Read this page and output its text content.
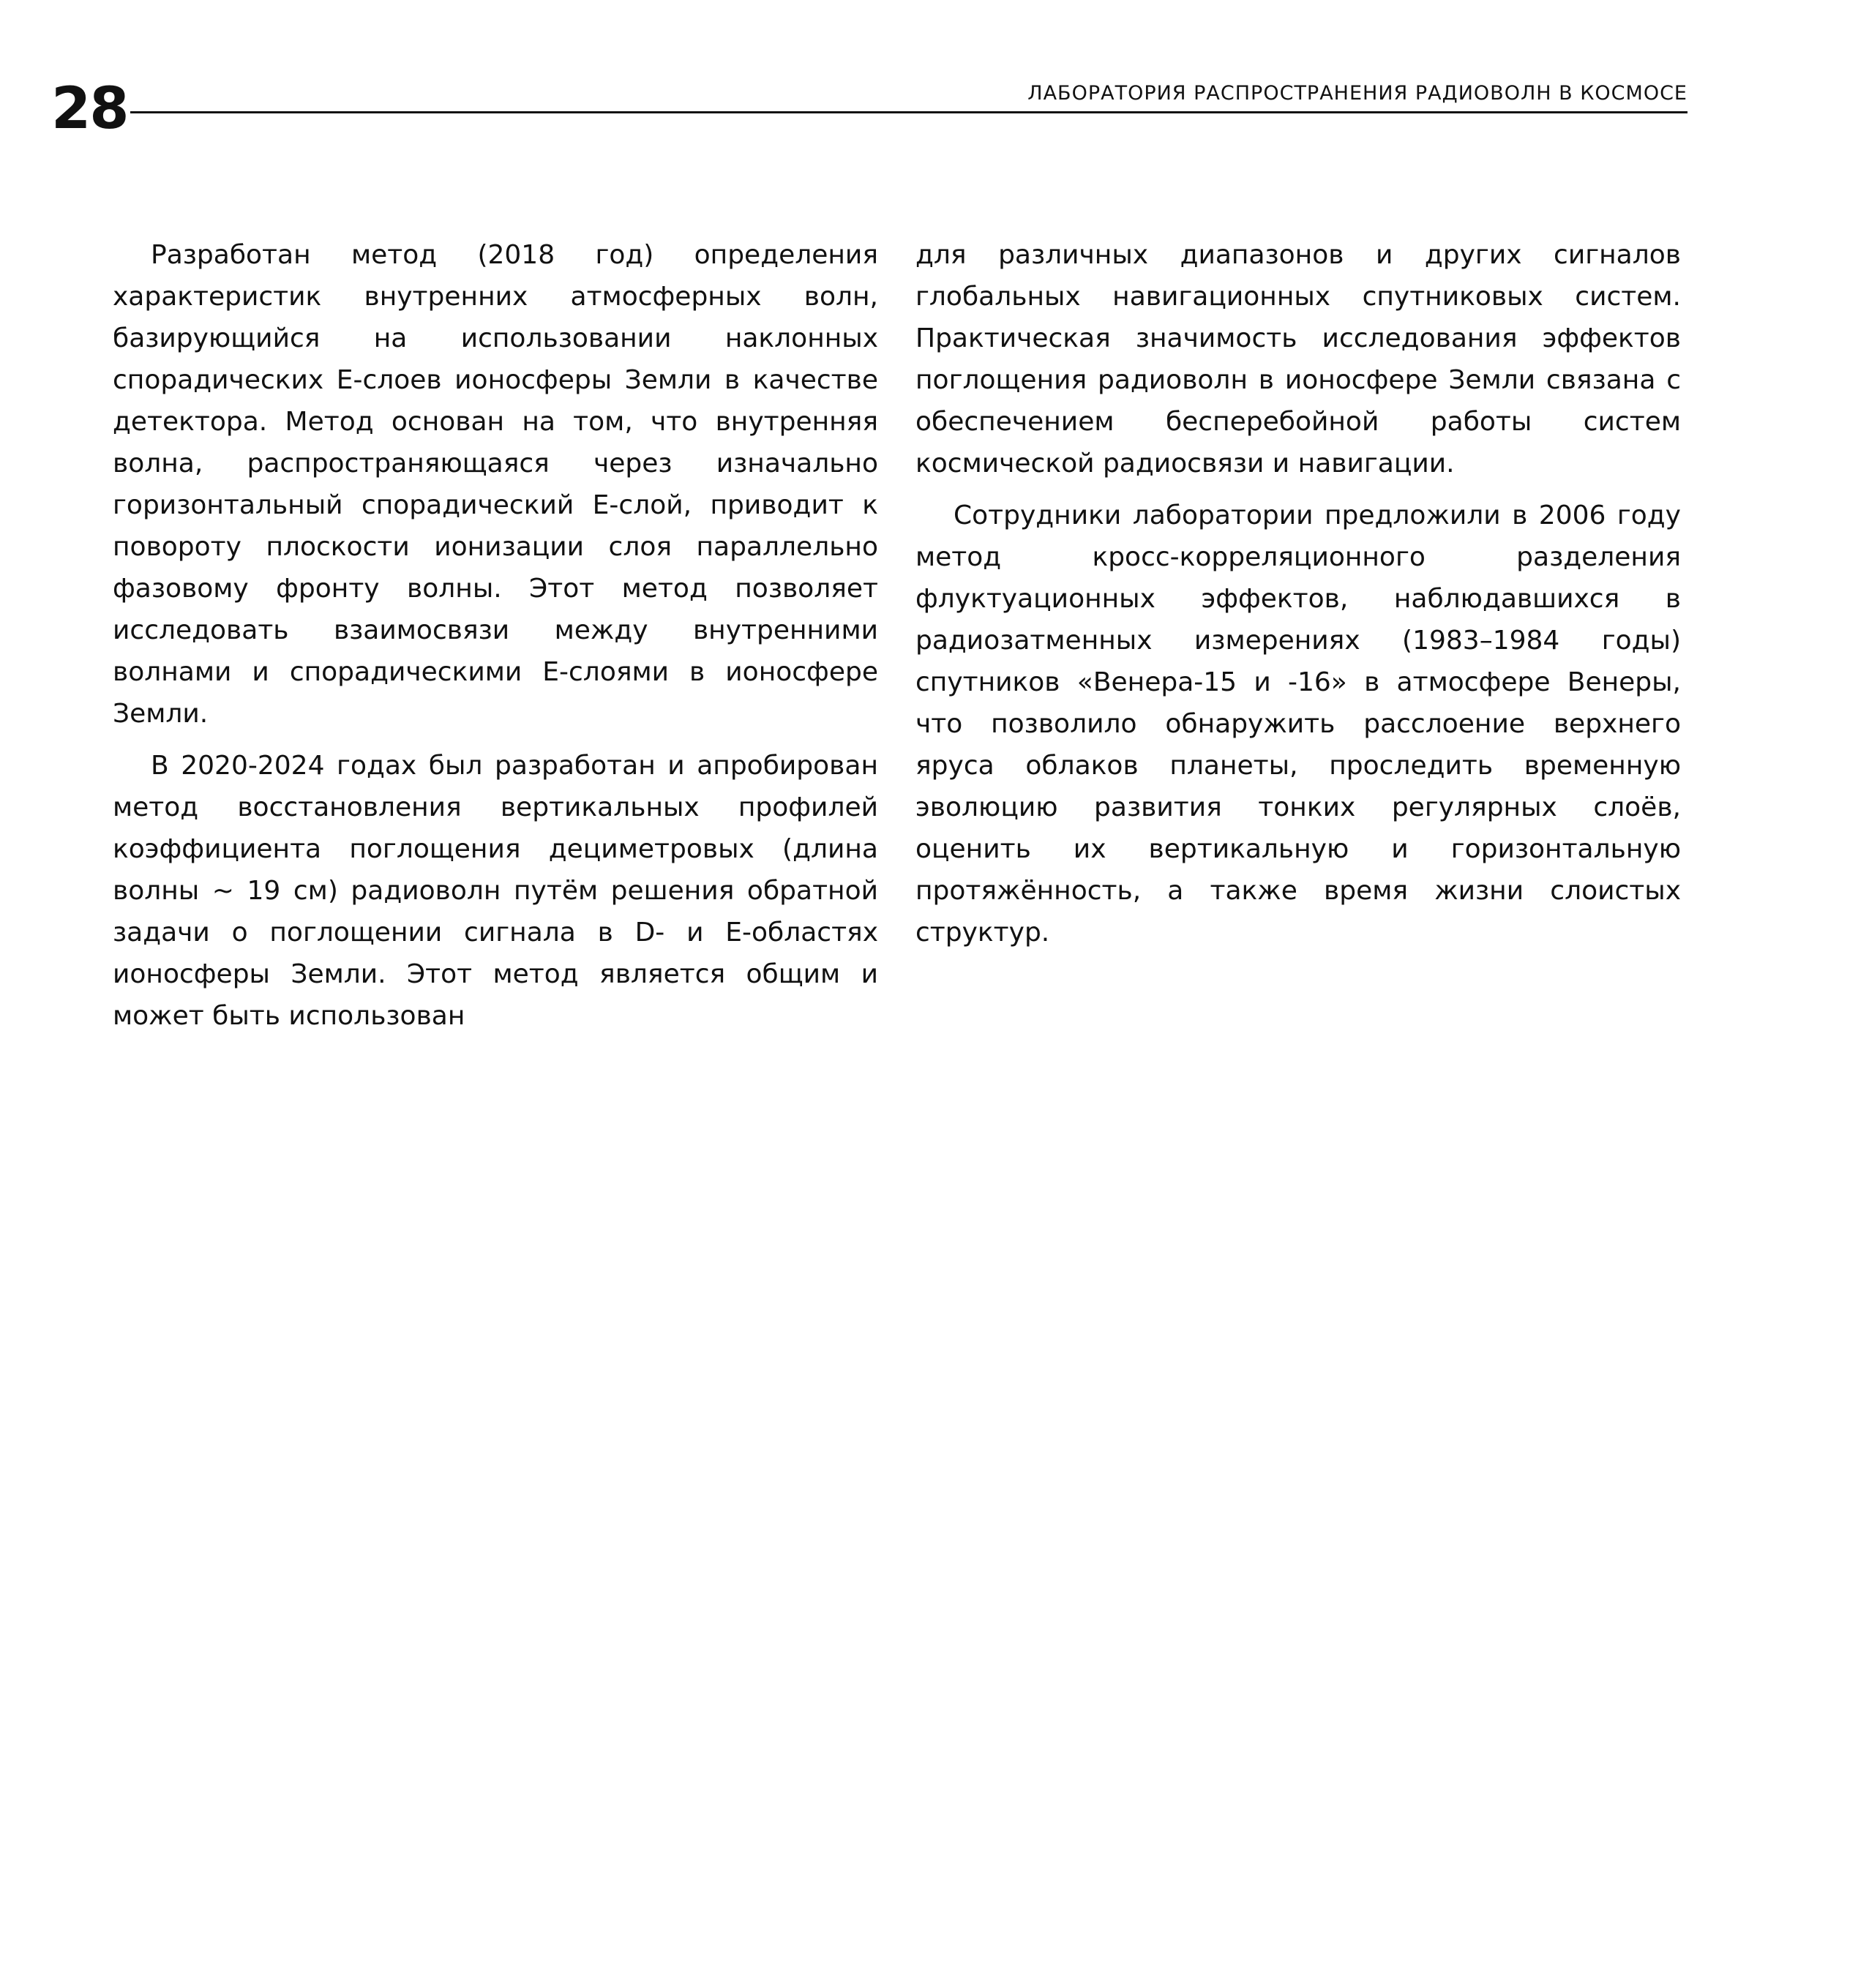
28	ЛАБОРАТОРИЯ РАСПРОСТРАНЕНИЯ РАДИОВОЛН В КОСМОСЕ

Разработан метод (2018 год) определения характеристик внутренних атмосферных волн, базирующийся на использовании наклонных спорадических Е-слоев ионосферы Земли в качестве детектора. Метод основан на том, что внутренняя волна, распространяющаяся через изначально горизонтальный спорадический Е-слой, приводит к повороту плоскости ионизации слоя параллельно фазовому фронту волны. Этот метод позволяет исследовать взаимосвязи между внутренними волнами и спорадическими Е-слоями в ионосфере Земли.

В 2020-2024 годах был разработан и апробирован метод восстановления вертикальных профилей коэффициента поглощения дециметровых (длина волны ~ 19 см) радиоволн путём решения обратной задачи о поглощении сигнала в D- и Е-областях ионосферы Земли. Этот метод является общим и может быть использован

для различных диапазонов и других сигналов глобальных навигационных спутниковых систем. Практическая значимость исследования эффектов поглощения радиоволн в ионосфере Земли связана с обеспечением бесперебойной работы систем космической радиосвязи и навигации.

Сотрудники лаборатории предложили в 2006 году метод кросс-корреляционного разделения флуктуационных эффектов, наблюдавшихся в радиозатменных измерениях (1983–1984 годы) спутников «Венера-15 и -16» в атмосфере Венеры, что позволило обнаружить расслоение верхнего яруса облаков планеты, проследить временную эволюцию развития тонких регулярных слоёв, оценить их вертикальную и горизонтальную протяжённость, а также время жизни слоистых структур.
